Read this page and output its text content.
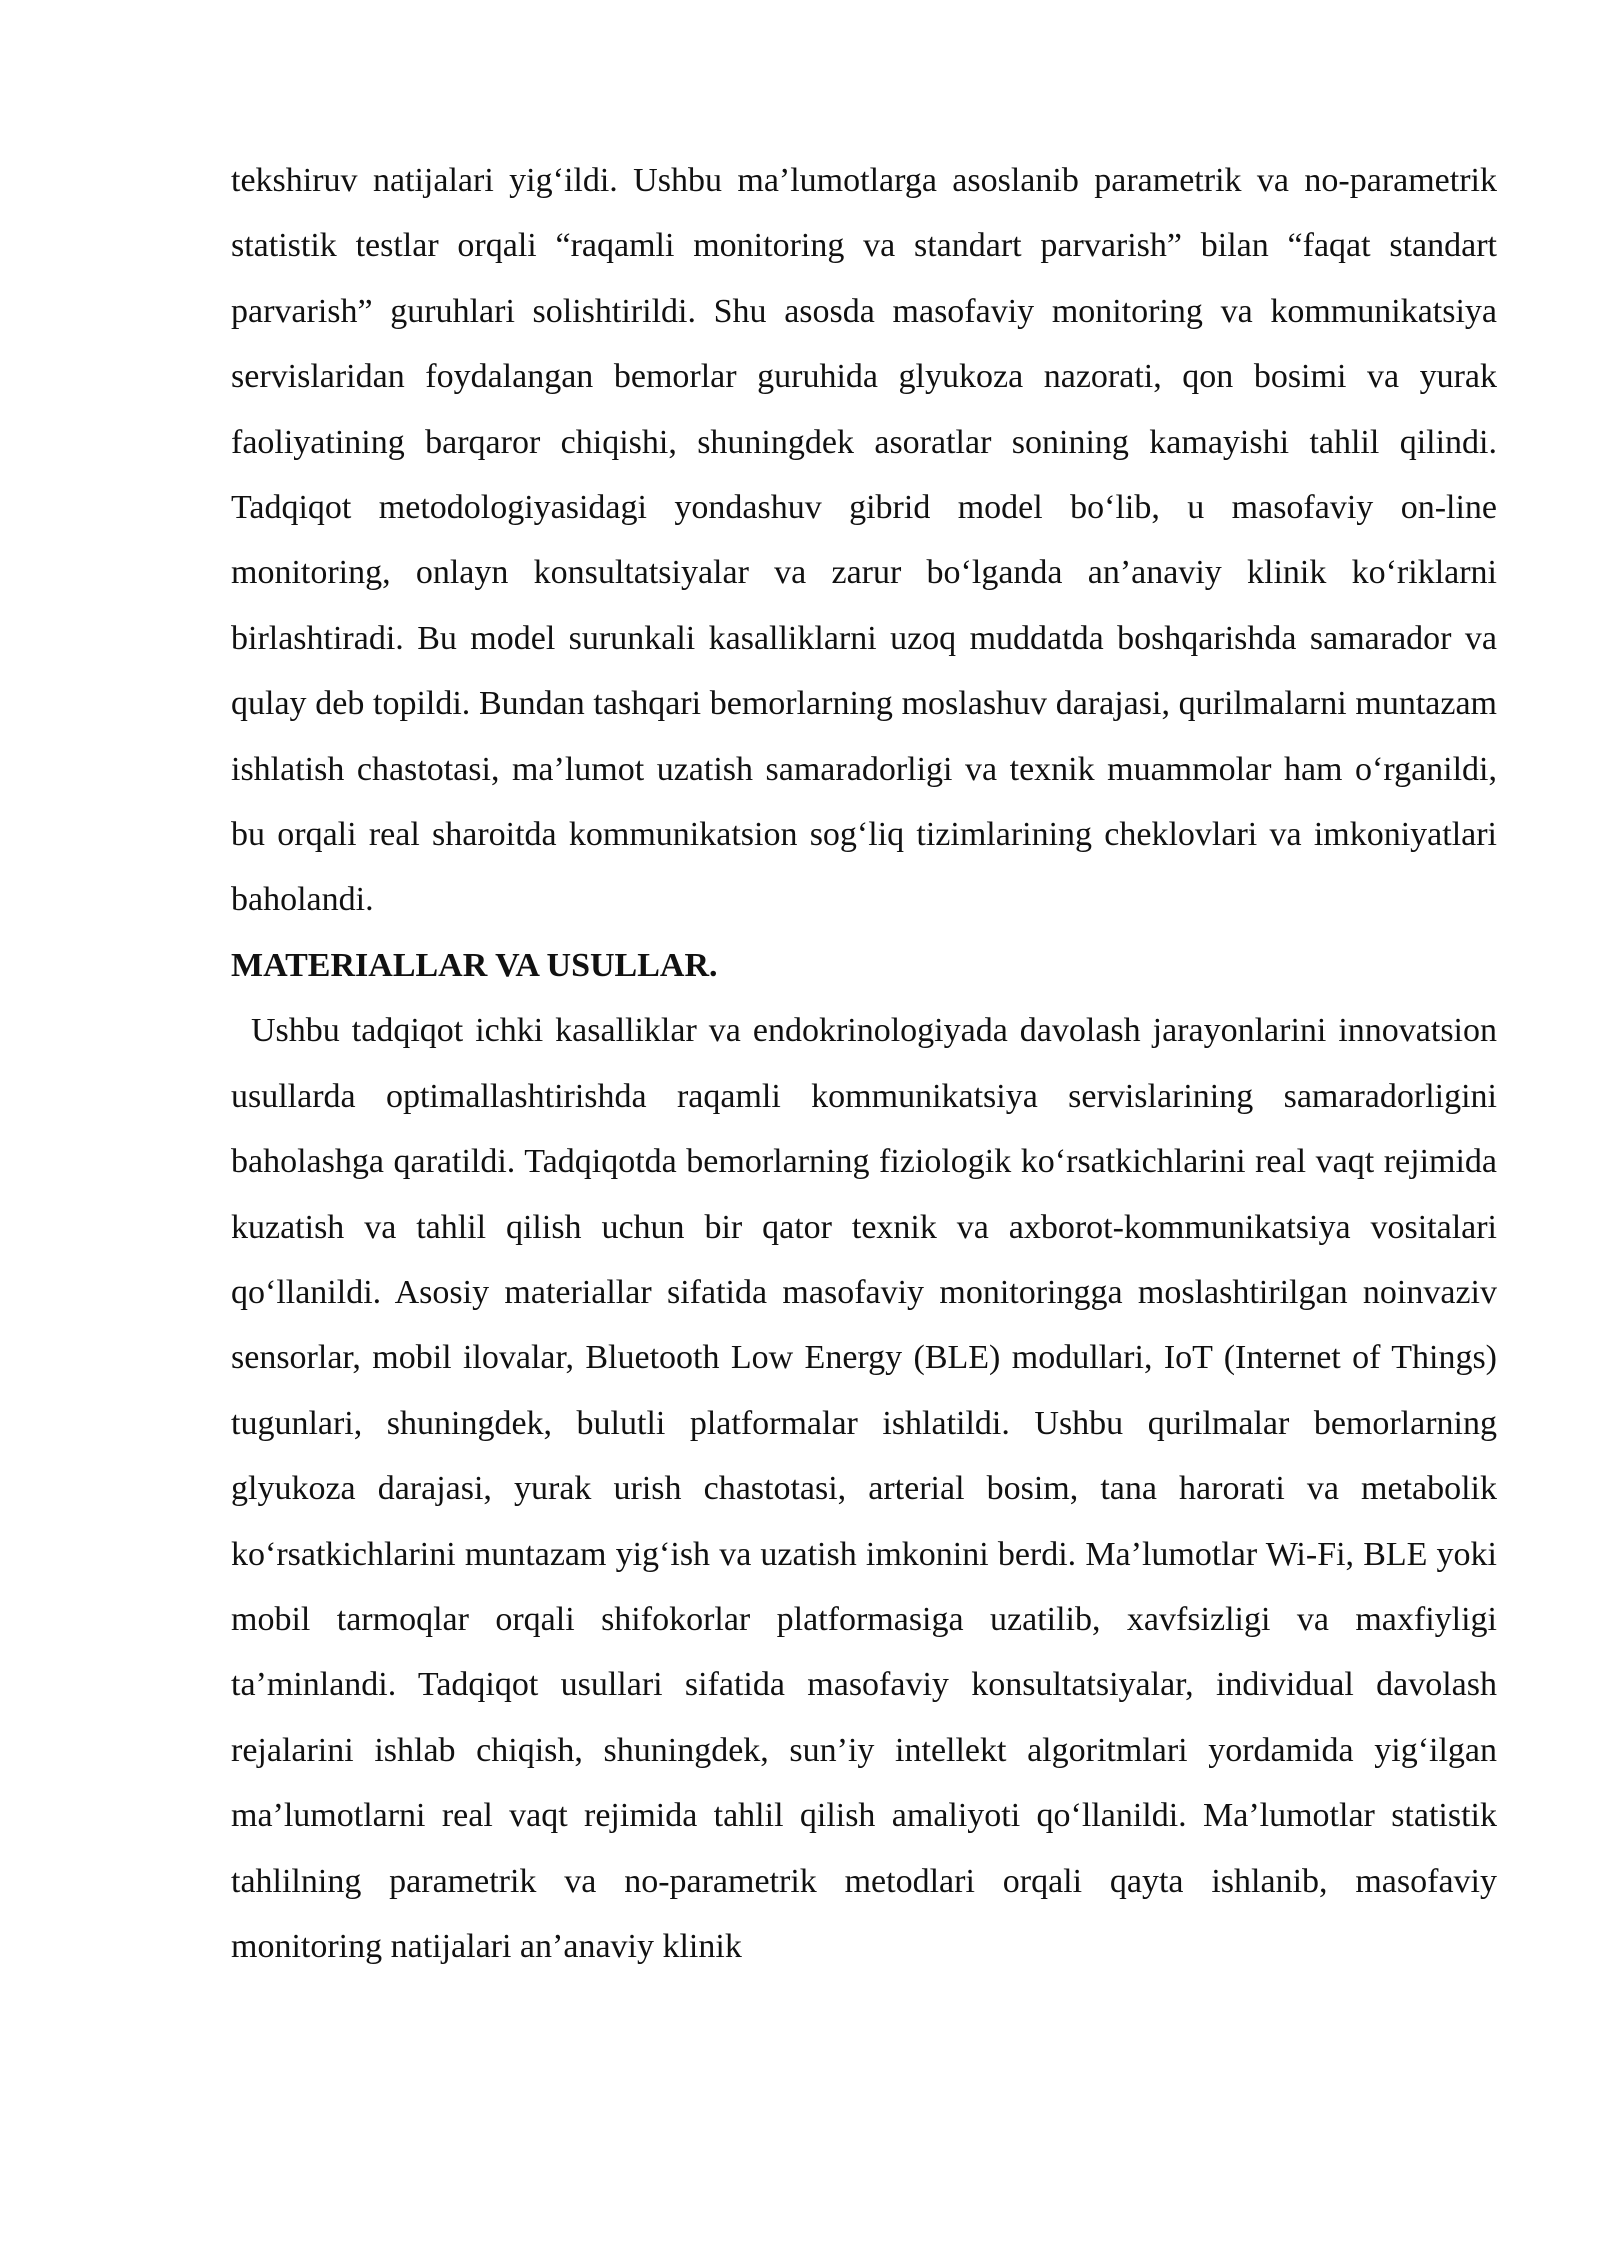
tekshiruv natijalari yig‘ildi. Ushbu ma’lumotlarga asoslanib parametrik va no-parametrik statistik testlar orqali “raqamli monitoring va standart parvarish” bilan “faqat standart parvarish” guruhlari solishtirildi. Shu asosda masofaviy monitoring va kommunikatsiya servislaridan foydalangan bemorlar guruhida glyukoza nazorati, qon bosimi va yurak faoliyatining barqaror chiqishi, shuningdek asoratlar sonining kamayishi tahlil qilindi. Tadqiqot metodologiyasidagi yondashuv gibrid model bo‘lib, u masofaviy on-line monitoring, onlayn konsultatsiyalar va zarur bo‘lganda an’anaviy klinik ko‘riklarni birlashtiradi. Bu model surunkali kasalliklarni uzoq muddatda boshqarishda samarador va qulay deb topildi. Bundan tashqari bemorlarning moslashuv darajasi, qurilmalarni muntazam ishlatish chastotasi, ma’lumot uzatish samaradorligi va texnik muammolar ham o‘rganildi, bu orqali real sharoitda kommunikatsion sog‘liq tizimlarining cheklovlari va imkoniyatlari baholandi.

MATERIALLAR VA USULLAR.

Ushbu tadqiqot ichki kasalliklar va endokrinologiyada davolash jarayonlarini innovatsion usullarda optimallashtirishda raqamli kommunikatsiya servislarining samaradorligini baholashga qaratildi. Tadqiqotda bemorlarning fiziologik ko‘rsatkichlarini real vaqt rejimida kuzatish va tahlil qilish uchun bir qator texnik va axborot-kommunikatsiya vositalari qo‘llanildi. Asosiy materiallar sifatida masofaviy monitoringga moslashtirilgan noinvaziv sensorlar, mobil ilovalar, Bluetooth Low Energy (BLE) modullari, IoT (Internet of Things) tugunlari, shuningdek, bulutli platformalar ishlatildi. Ushbu qurilmalar bemorlarning glyukoza darajasi, yurak urish chastotasi, arterial bosim, tana harorati va metabolik ko‘rsatkichlarini muntazam yig‘ish va uzatish imkonini berdi. Ma’lumotlar Wi-Fi, BLE yoki mobil tarmoqlar orqali shifokorlar platformasiga uzatilib, xavfsizligi va maxfiyligi ta’minlandi. Tadqiqot usullari sifatida masofaviy konsultatsiyalar, individual davolash rejalarini ishlab chiqish, shuningdek, sun’iy intellekt algoritmlari yordamida yig‘ilgan ma’lumotlarni real vaqt rejimida tahlil qilish amaliyoti qo‘llanildi. Ma’lumotlar statistik tahlilning parametrik va no-parametrik metodlari orqali qayta ishlanib, masofaviy monitoring natijalari an’anaviy klinik
